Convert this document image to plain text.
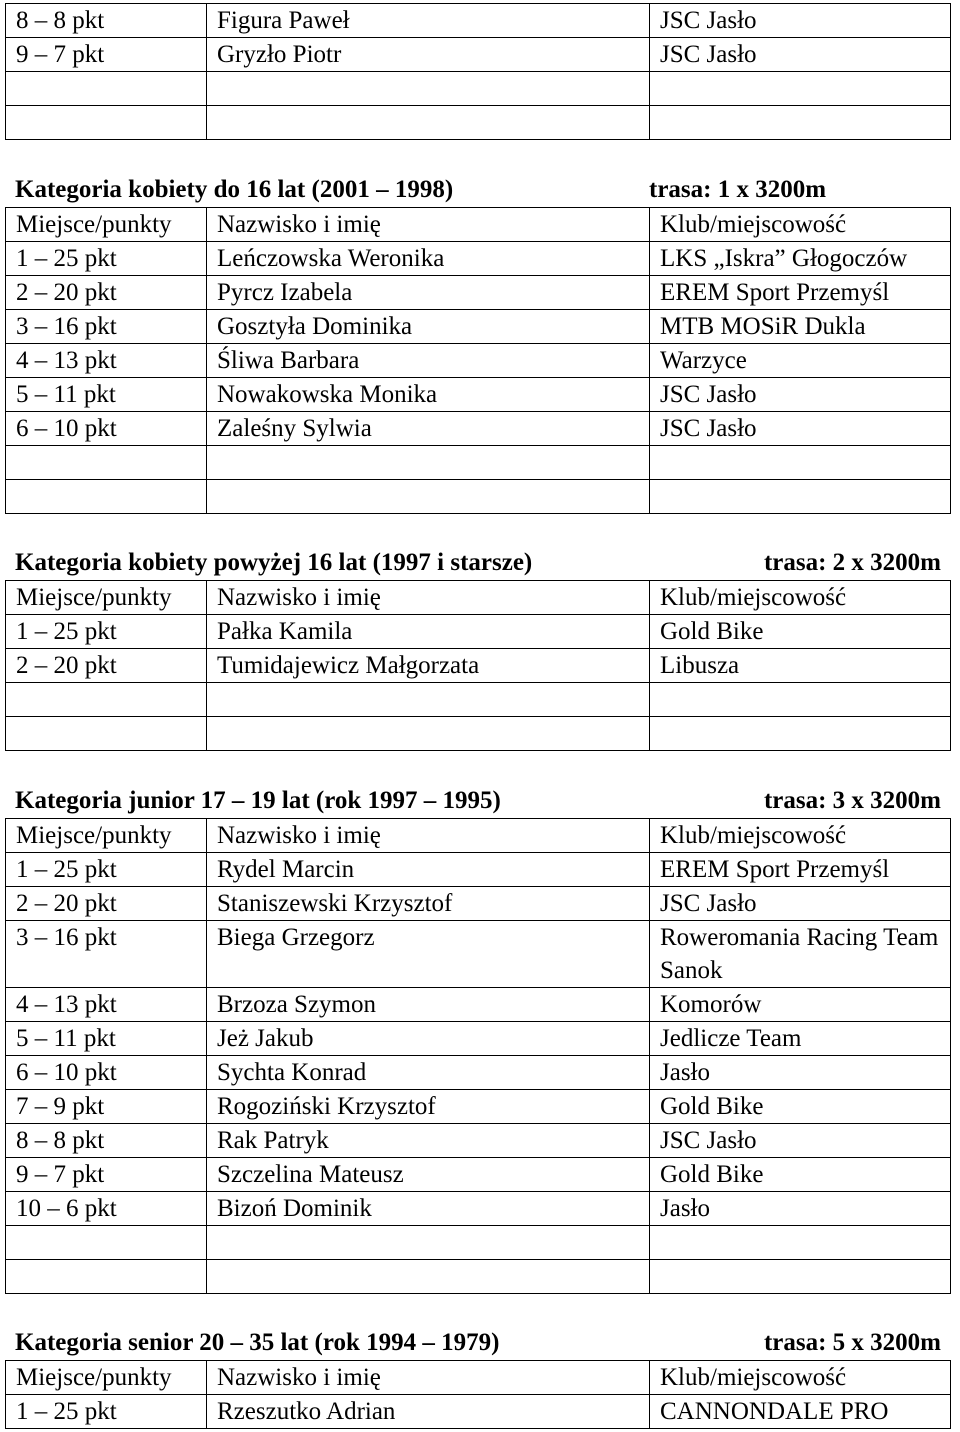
8 – 8 pkt	Figura Paweł	JSC Jasło
9 – 7 pkt	Gryzło Piotr	JSC Jasło

Kategoria kobiety do 16 lat (2001 – 1998)	trasa: 1 x 3200m
Miejsce/punkty	Nazwisko i imię	Klub/miejscowość
1 – 25 pkt	Leńczowska Weronika	LKS „Iskra” Głogoczów
2 – 20 pkt	Pyrcz Izabela	EREM Sport Przemyśl
3 – 16 pkt	Gosztyła Dominika	MTB MOSiR Dukla
4 – 13 pkt	Śliwa Barbara	Warzyce
5 – 11 pkt	Nowakowska Monika	JSC Jasło
6 – 10 pkt	Zaleśny Sylwia	JSC Jasło

Kategoria kobiety powyżej 16 lat (1997 i starsze)	trasa: 2 x 3200m
Miejsce/punkty	Nazwisko i imię	Klub/miejscowość
1 – 25 pkt	Pałka Kamila	Gold Bike
2 – 20 pkt	Tumidajewicz Małgorzata	Libusza

Kategoria junior 17 – 19 lat (rok 1997 – 1995)	trasa: 3 x 3200m
Miejsce/punkty	Nazwisko i imię	Klub/miejscowość
1 – 25 pkt	Rydel Marcin	EREM Sport Przemyśl
2 – 20 pkt	Staniszewski Krzysztof	JSC Jasło
3 – 16 pkt	Biega Grzegorz	Roweromania Racing Team Sanok
4 – 13 pkt	Brzoza Szymon	Komorów
5 – 11 pkt	Jeż Jakub	Jedlicze Team
6 – 10 pkt	Sychta Konrad	Jasło
7 – 9 pkt	Rogoziński Krzysztof	Gold Bike
8 – 8 pkt	Rak Patryk	JSC Jasło
9 – 7 pkt	Szczelina Mateusz	Gold Bike
10 – 6 pkt	Bizoń Dominik	Jasło

Kategoria senior 20 – 35 lat (rok 1994 – 1979)	trasa: 5 x 3200m
Miejsce/punkty	Nazwisko i imię	Klub/miejscowość
1 – 25 pkt	Rzeszutko Adrian	CANNONDALE PRO
